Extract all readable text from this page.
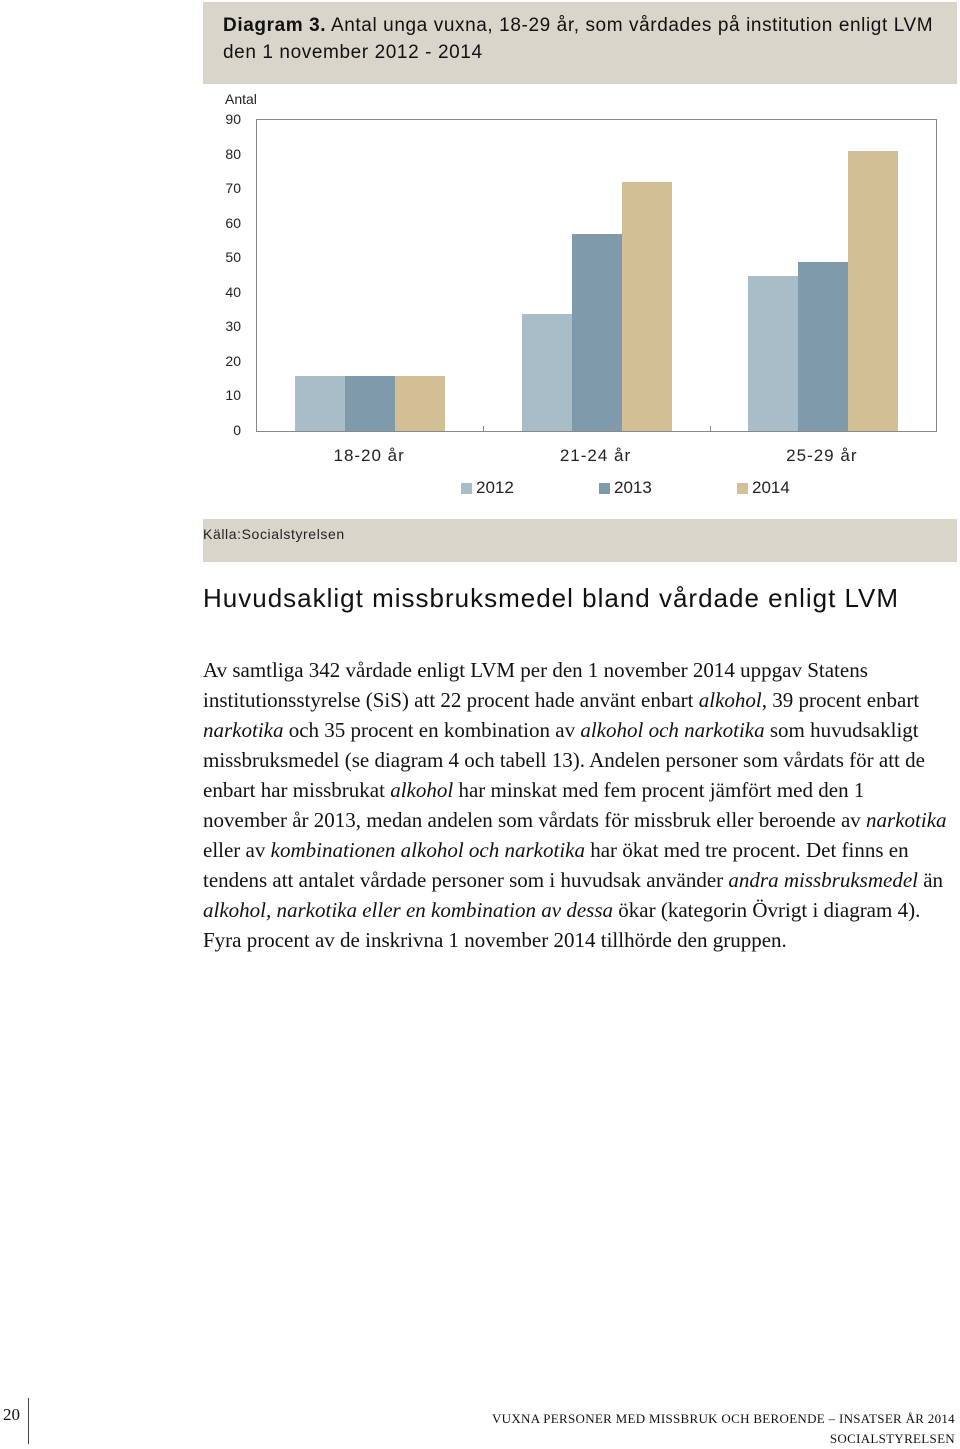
Diagram 3. Antal unga vuxna, 18-29 år, som vårdades på institution enligt LVM den 1 november 2012 - 2014
Antal
90
80
70
60
50
40
30
20
10
0
18-20 år	21-24 år	25-29 år
2012	2013	2014
Källa:Socialstyrelsen
Huvudsakligt missbruksmedel bland vårdade enligt LVM

Av samtliga 342 vårdade enligt LVM per den 1 november 2014 uppgav Statens institutionsstyrelse (SiS) att 22 procent hade använt enbart alkohol, 39 procent enbart narkotika och 35 procent en kombination av alkohol och narkotika som huvudsakligt missbruksmedel (se diagram 4 och tabell 13). Andelen personer som vårdats för att de enbart har missbrukat alkohol har minskat med fem procent jämfört med den 1 november år 2013, medan andelen som vårdats för missbruk eller beroende av narkotika eller av kombinationen alkohol och narkotika har ökat med tre procent. Det finns en tendens att antalet vårdade personer som i huvudsak använder andra missbruksmedel än alkohol, narkotika eller en kombination av dessa ökar (kategorin Övrigt i diagram 4). Fyra procent av de inskrivna 1 november 2014 tillhörde den gruppen.

20	VUXNA PERSONER MED MISSBRUK OCH BEROENDE – INSATSER ÅR 2014
SOCIALSTYRELSEN
